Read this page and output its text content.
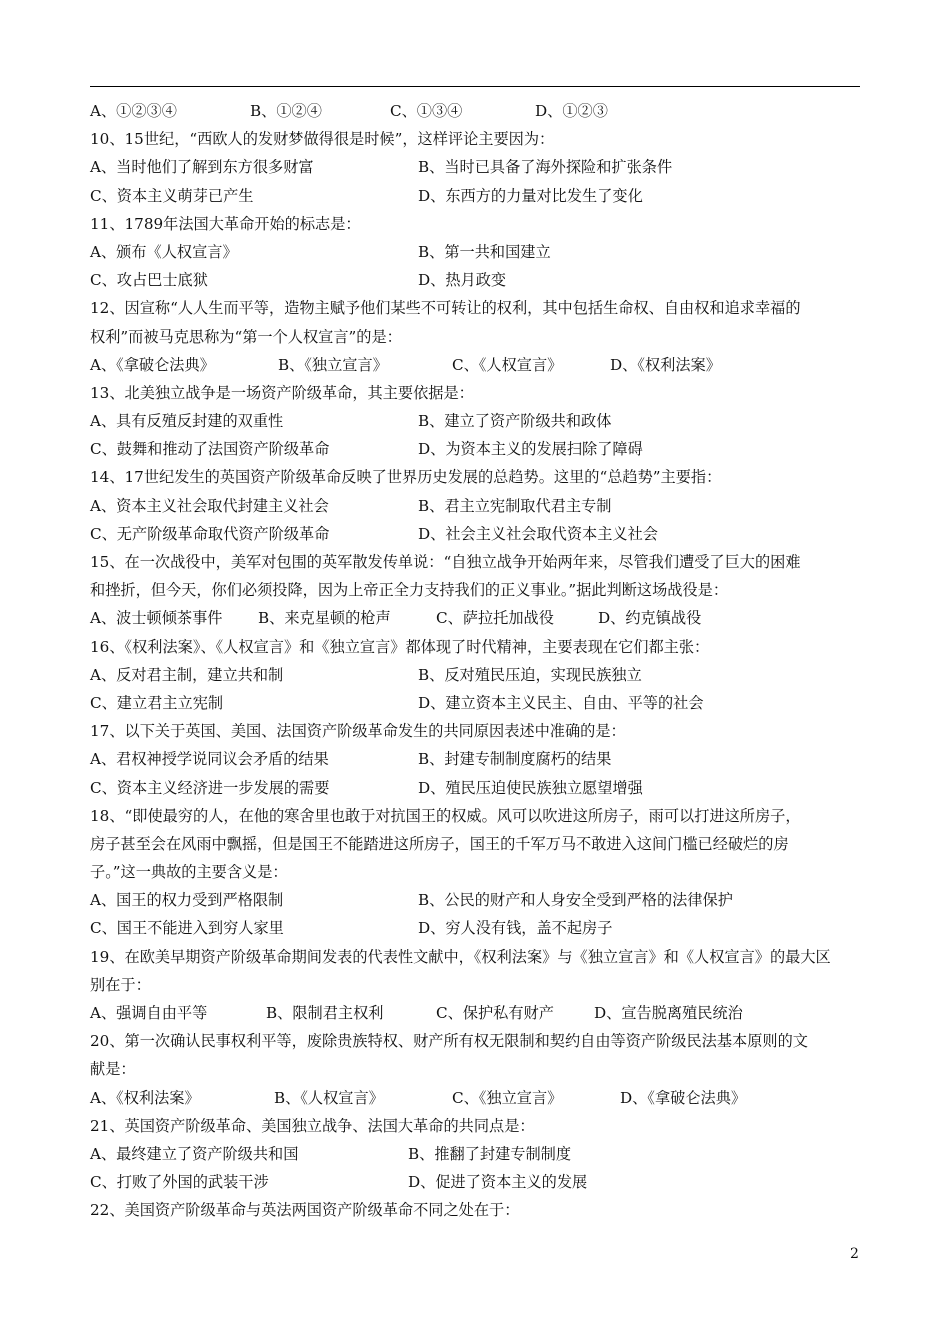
A、①②③④	B、①②④	C、①③④	D、①②③
10、15世纪，“西欧人的发财梦做得很是时候”，这样评论主要因为：
A、当时他们了解到东方很多财富	B、当时已具备了海外探险和扩张条件
C、资本主义萌芽已产生	D、东西方的力量对比发生了变化
11、1789年法国大革命开始的标志是：
A、颁布《人权宣言》	B、第一共和国建立
C、攻占巴士底狱	D、热月政变
12、因宣称“人人生而平等，造物主赋予他们某些不可转让的权利，其中包括生命权、自由权和追求幸福的
权利”而被马克思称为“第一个人权宣言”的是：
A、《拿破仑法典》	B、《独立宣言》	C、《人权宣言》	D、《权利法案》
13、北美独立战争是一场资产阶级革命，其主要依据是：
A、具有反殖反封建的双重性	B、建立了资产阶级共和政体
C、鼓舞和推动了法国资产阶级革命	D、为资本主义的发展扫除了障碍
14、17世纪发生的英国资产阶级革命反映了世界历史发展的总趋势。这里的“总趋势”主要指：
A、资本主义社会取代封建主义社会	B、君主立宪制取代君主专制
C、无产阶级革命取代资产阶级革命	D、社会主义社会取代资本主义社会
15、在一次战役中，美军对包围的英军散发传单说：“自独立战争开始两年来，尽管我们遭受了巨大的困难
和挫折，但今天，你们必须投降，因为上帝正全力支持我们的正义事业。”据此判断这场战役是：
A、波士顿倾茶事件 B、来克星顿的枪声	C、萨拉托加战役	D、约克镇战役
16、《权利法案》、《人权宣言》和《独立宣言》都体现了时代精神，主要表现在它们都主张：
A、反对君主制，建立共和制	B、反对殖民压迫，实现民族独立
C、建立君主立宪制	D、建立资本主义民主、自由、平等的社会
17、以下关于英国、美国、法国资产阶级革命发生的共同原因表述中准确的是：
A、君权神授学说同议会矛盾的结果	B、封建专制制度腐朽的结果
C、资本主义经济进一步发展的需要	D、殖民压迫使民族独立愿望增强
18、“即使最穷的人，在他的寒舍里也敢于对抗国王的权威。风可以吹进这所房子，雨可以打进这所房子，
房子甚至会在风雨中飘摇，但是国王不能踏进这所房子，国王的千军万马不敢进入这间门槛已经破烂的房
子。”这一典故的主要含义是：
A、国王的权力受到严格限制	B、公民的财产和人身安全受到严格的法律保护
C、国王不能进入到穷人家里	D、穷人没有钱，盖不起房子
19、在欧美早期资产阶级革命期间发表的代表性文献中，《权利法案》与《独立宣言》和《人权宣言》的最大区
别在于：
A、强调自由平等	B、限制君主权利	C、保护私有财产	D、宣告脱离殖民统治
20、第一次确认民事权利平等，废除贵族特权、财产所有权无限制和契约自由等资产阶级民法基本原则的文
献是：
A、《权利法案》	B、《人权宣言》	C、《独立宣言》	D、《拿破仑法典》
21、英国资产阶级革命、美国独立战争、法国大革命的共同点是：
A、最终建立了资产阶级共和国	B、推翻了封建专制制度
C、打败了外国的武装干涉	D、促进了资本主义的发展
22、美国资产阶级革命与英法两国资产阶级革命不同之处在于：
2
